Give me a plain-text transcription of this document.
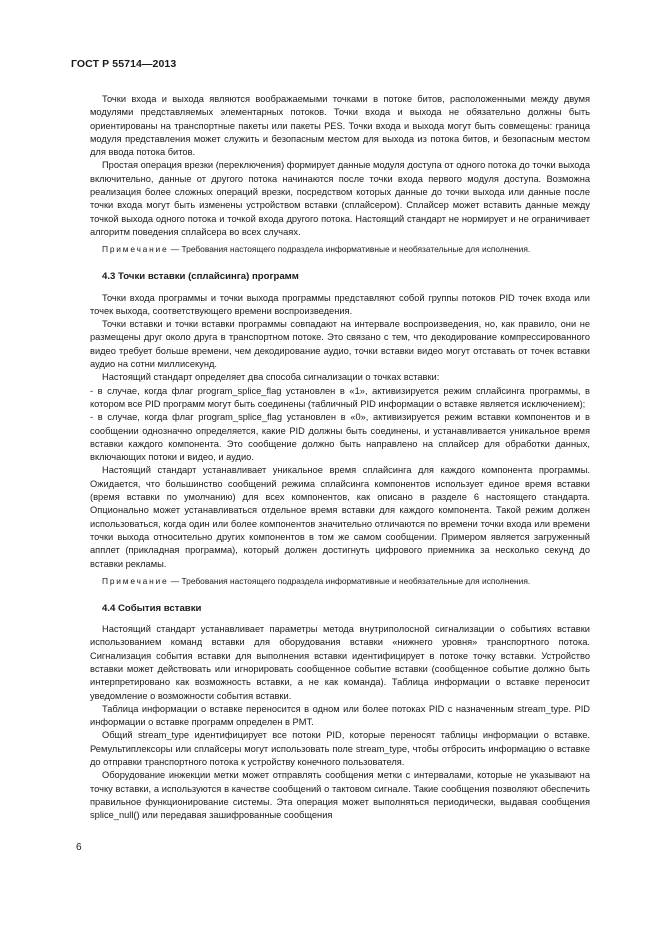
ГОСТ Р 55714—2013

Точки входа и выхода являются воображаемыми точками в потоке битов, расположенными между двумя модулями представляемых элементарных потоков. Точки входа и выхода не обязательно должны быть ориентированы на транспортные пакеты или пакеты PES. Точки входа и выхода могут быть совмещены: граница модуля представления может служить и безопасным местом для выхода из потока битов, и безопасным местом для ввода потока битов.

Простая операция врезки (переключения) формирует данные модуля доступа от одного потока до точки выхода включительно, данные от другого потока начинаются после точки входа первого модуля доступа. Возможна реализация более сложных операций врезки, посредством которых данные до точки выхода или данные после точки входа могут быть изменены устройством вставки (сплайсером). Сплайсер может вставить данные между точкой выхода одного потока и точкой входа другого потока. Настоящий стандарт не нормирует и не ограничивает алгоритм поведения сплайсера во всех случаях.

Примечание — Требования настоящего подраздела информативные и необязательные для исполнения.

4.3 Точки вставки (сплайсинга) программ

Точки входа программы и точки выхода программы представляют собой группы потоков PID точек входа или точек выхода, соответствующего времени воспроизведения.

Точки вставки и точки вставки программы совпадают на интервале воспроизведения, но, как правило, они не размещены друг около друга в транспортном потоке. Это связано с тем, что декодирование компрессированного видео требует больше времени, чем декодирование аудио, точки вставки видео могут отставать от точек вставки аудио на сотни миллисекунд.

Настоящий стандарт определяет два способа сигнализации о точках вставки:

- в случае, когда флаг program_splice_flag установлен в «1», активизируется режим сплайсинга программы, в котором все PID программ могут быть соединены (табличный PID информации о вставке является исключением);

- в случае, когда флаг program_splice_flag установлен в «0», активизируется режим вставки компонентов и в сообщении однозначно определяется, какие PID должны быть соединены, и устанавливается уникальное время вставки каждого компонента. Это сообщение должно быть направлено на сплайсер для обработки данных, включающих потоки и видео, и аудио.

Настоящий стандарт устанавливает уникальное время сплайсинга для каждого компонента программы. Ожидается, что большинство сообщений режима сплайсинга компонентов использует единое время вставки (время вставки по умолчанию) для всех компонентов, как описано в разделе 6 настоящего стандарта. Опционально может устанавливаться отдельное время вставки для каждого компонента. Такой режим должен использоваться, когда один или более компонентов значительно отличаются по времени точки входа или времени точки выхода относительно других компонентов в том же самом сообщении. Примером является загруженный апплет (прикладная программа), который должен достигнуть цифрового приемника за несколько секунд до вставки рекламы.

Примечание — Требования настоящего подраздела информативные и необязательные для исполнения.

4.4 События вставки

Настоящий стандарт устанавливает параметры метода внутриполосной сигнализации о событиях вставки использованием команд вставки для оборудования вставки «нижнего уровня» транспортного потока. Сигнализация события вставки для выполнения вставки идентифицирует в потоке точку вставки. Устройство вставки может действовать или игнорировать сообщенное событие вставки (сообщенное событие должно быть интерпретировано как возможность вставки, а не как команда). Таблица информации о вставке переносит уведомление о возможности события вставки.

Таблица информации о вставке переносится в одном или более потоках PID с назначенным stream_type. PID информации о вставке программ определен в PMT.

Общий stream_type идентифицирует все потоки PID, которые переносят таблицы информации о вставке. Ремультиплексоры или сплайсеры могут использовать поле stream_type, чтобы отбросить информацию о вставке до отправки транспортного потока к устройству конечного пользователя.

Оборудование инжекции метки может отправлять сообщения метки с интервалами, которые не указывают на точку вставки, а используются в качестве сообщений о тактовом сигнале. Такие сообщения позволяют обеспечить правильное функционирование системы. Эта операция может выполняться периодически, выдавая сообщения splice_null() или передавая зашифрованные сообщения

6
